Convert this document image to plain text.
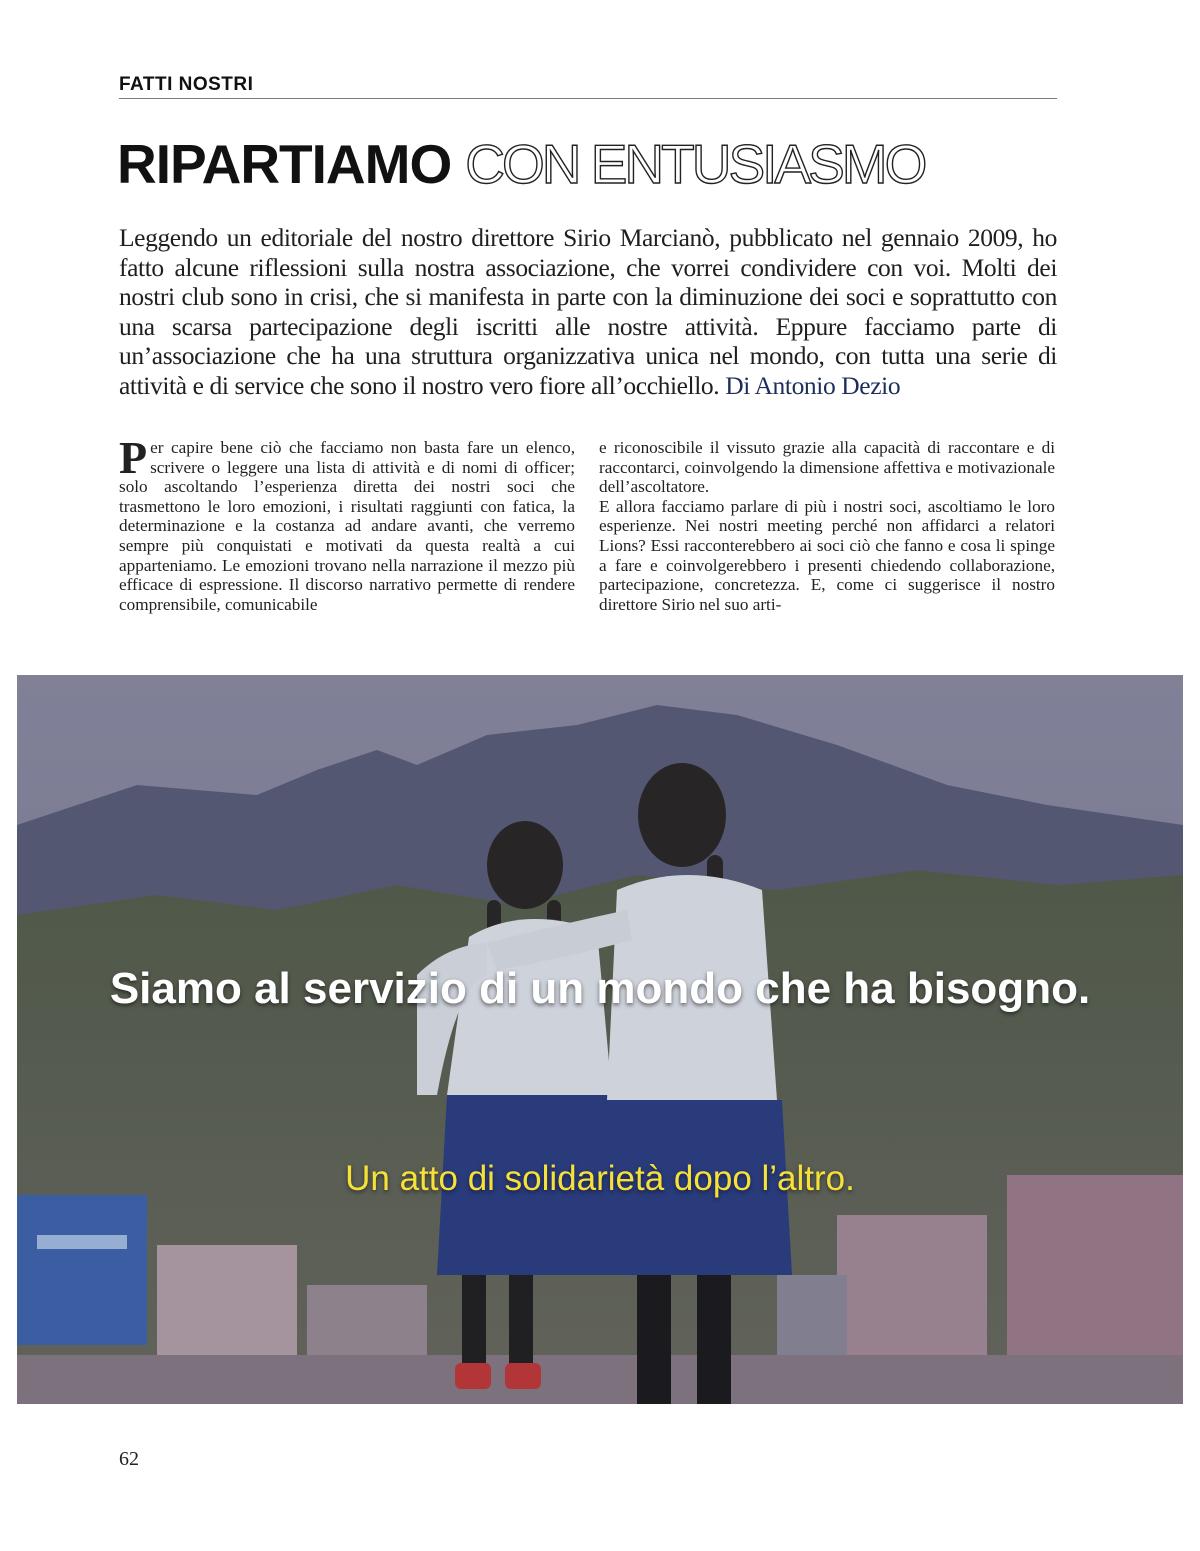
FATTI NOSTRI
RIPARTIAMO CON ENTUSIASMO
Leggendo un editoriale del nostro direttore Sirio Marcianò, pubblicato nel gennaio 2009, ho fatto alcune riflessioni sulla nostra associazione, che vorrei condividere con voi. Molti dei nostri club sono in crisi, che si manifesta in parte con la diminuzione dei soci e soprattutto con una scarsa partecipazione degli iscritti alle nostre attività. Eppure facciamo parte di un’associazione che ha una struttura organizzativa unica nel mondo, con tutta una serie di attività e di service che sono il nostro vero fiore all’occhiello. Di Antonio Dezio

Per capire bene ciò che facciamo non basta fare un elenco, scrivere o leggere una lista di attività e di nomi di officer; solo ascoltando l’esperienza diretta dei nostri soci che trasmettono le loro emozioni, i risultati raggiunti con fatica, la determinazione e la costanza ad andare avanti, che verremo sempre più conquistati e motivati da questa realtà a cui apparteniamo. Le emozioni trovano nella narrazione il mezzo più efficace di espressione. Il discorso narrativo permette di rendere comprensibile, comunicabile

e riconoscibile il vissuto grazie alla capacità di raccontare e di raccontarci, coinvolgendo la dimensione affettiva e motivazionale dell’ascoltatore.

E allora facciamo parlare di più i nostri soci, ascoltiamo le loro esperienze. Nei nostri meeting perché non affidarci a relatori Lions? Essi racconterebbero ai soci ciò che fanno e cosa li spinge a fare e coinvolgerebbero i presenti chiedendo collaborazione, partecipazione, concretezza. E, come ci suggerisce il nostro direttore Sirio nel suo arti-

Siamo al servizio di un mondo che ha bisogno.
Un atto di solidarietà dopo l’altro.
62
